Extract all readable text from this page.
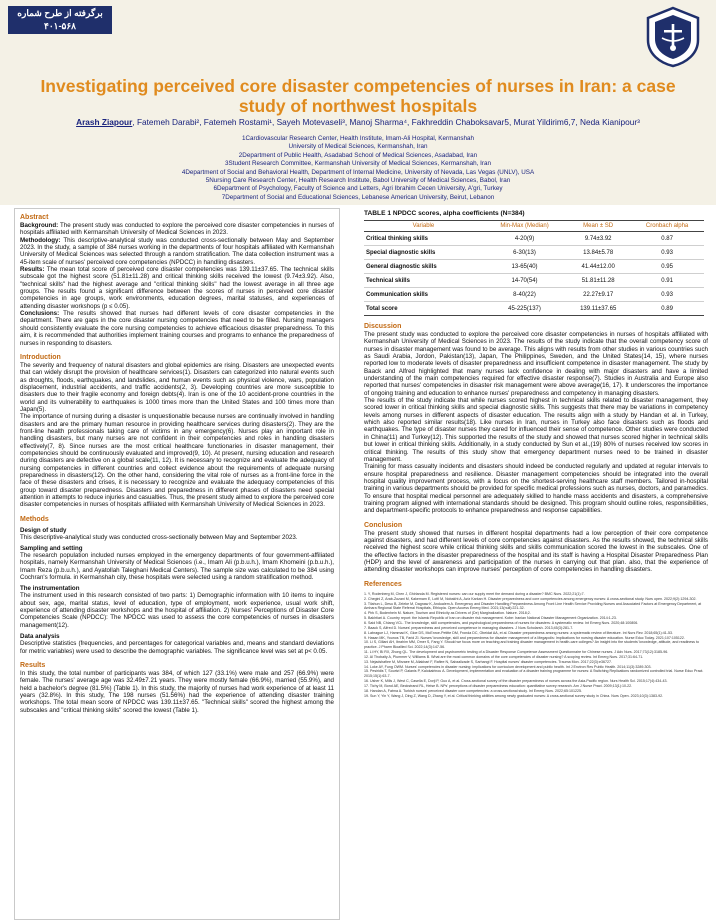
برگرفته از طرح شماره
۴۰۱-۵۶۸
Investigating perceived core disaster competencies of nurses in Iran: a case study of northwest hospitals
Arash Ziapour, Fatemeh Darabi², Fatemeh Rostami¹, Sayeh Motevaseli³, Manoj Sharma⁴, Fakhreddin Chaboksavar5, Murat Yildirim6,7, Neda Kianipour³
1Cardiovascular Research Center, Health Institute, Imam-Ali Hospital, Kermanshah
University of Medical Sciences, Kermanshah, Iran
2Department of Public Health, Asadabad School of Medical Sciences, Asadabad, Iran
3Student Research Committee, Kermanshah University of Medical Sciences, Kermanshah, Iran
4Department of Social and Behavioral Health, Department of Internal Medicine, University of Nevada, Las Vegas (UNLV), USA
5Nursing Care Research Center, Health Research Institute, Babol University of Medical Sciences, Babol, Iran
6Department of Psychology, Faculty of Science and Letters, Agri Ibrahim Cecen University, A'gri, Turkey
7Department of Social and Educational Sciences, Lebanese American University, Beirut, Lebanon
Abstract
Background: The present study was conducted to explore the perceived core disaster competencies in nurses of hospitals affiliated with Kermanshah University of Medical Sciences in 2023.
Methodology: This descriptive-analytical study was conducted cross-sectionally between May and September 2023. In the study, a sample of 384 nurses working in the departments of four hospitals affiliated with Kermanshah University of Medical Sciences was selected through a random stratification. The data collection instrument was a 45-item scale of nurses' perceived core competencies (NPDCC) in handling disasters.
Results: The mean total score of perceived core disaster competencies was 139.11±37.65. The technical skills subscale got the highest score (51.81±11.28) and critical thinking skills received the lowest (9.74±3.92). Also, "technical skills" had the highest average and "critical thinking skills" had the lowest average in all three age groups. The results found a significant difference between the scores of nurses in perceived core disaster competencies in age groups, work environments, education degrees, marital statuses, and experiences of attending disaster workshops (p ≤ 0.05).
Conclusions: The results showed that nurses had different levels of core disaster competencies in the department. There are gaps in the core disaster nursing competencies that need to be filled. Nursing managers should consistently evaluate the core nursing competencies to achieve efficacious disaster preparedness. To this aim, it is recommended that authorities implement training courses and programs to enhance the preparedness of nurses in responding to disasters.
Introduction
The severity and frequency of natural disasters and global epidemics are rising. Disasters are unexpected events that can widely disrupt the provision of healthcare services(1). Disasters can categorized into natural events such as droughts, floods, earthquakes, and landslides, and human events such as physical violence, wars, population displacement, industrial accidents, and traffic accidents(2, 3). Developing countries are more susceptible to disasters due to their fragile economy and foreign debts(4). Iran is one of the 10 accident-prone countries in the world and its vulnerability to earthquakes is 1000 times more than the United States and 100 times more than Japan(5).
The importance of nursing during a disaster is unquestionable because nurses are continually involved in handling disasters and are the primary human resource in providing healthcare services during disasters(2). They are the front-line health professionals taking care of victims in any emergency(6). Nurses play an important role in handling disasters, but many nurses are not confident in their competencies and roles in handling disasters effectively(7, 8). Since nurses are the most critical healthcare functionaries in disaster management, their competencies should be continuously evaluated and improved(9, 10). At present, nursing education and research during disasters are defective on a global scale(11, 12). It is necessary to recognize and evaluate the adequacy of nursing competencies in different countries and collect evidence about the requirements of adequate nursing preparedness in disasters(12). On the other hand, considering the vital role of nurses as a front-line force in the face of these disasters and crises, it is necessary to recognize and evaluate the adequacy competencies of this group toward disaster preparedness. Disasters and preparedness in different phases of disasters need special attention in attempts to reduce injuries and casualties. Thus, the present study aimed to explore the perceived core disaster competencies in nurses of hospitals affiliated with Kermanshah University of Medical Sciences in 2023.
Methods
Design of study
This descriptive-analytical study was conducted cross-sectionally between May and September 2023.
Sampling and setting
The research population included nurses employed in the emergency departments of four government-affiliated hospitals, namely Kermanshah University of Medical Sciences (i.e., Imam Ali (p.b.u.h.), Imam Khomeini (p.b.u.h.), Imam Reza (p.b.u.h.), and Ayatollah Taleghani Medical Centers). The sample size was calculated to be 384 using Cochran's formula. in Kermanshah city, these hospitals were selected using a random stratification method.
The instrumentation
The instrument used in this research consisted of two parts: 1) Demographic information with 10 items to inquire about sex, age, marital status, level of education, type of employment, work experience, usual work shift, experience of attending disaster workshops and the hospital of affiliation. 2) Nurses' Perceptions of Disaster Core Competencies Scale (NPDCC): The NPDCC was used to assess the core competencies of nurses in disasters management(12).
Data analysis
Descriptive statistics (frequencies, and percentages for categorical variables and, means and standard deviations for metric variables) were used to describe the demographic variables. The significance level was set at p< 0.05.
Results
In this study, the total number of participants was 384, of which 127 (33.1%) were male and 257 (66.9%) were female. The nurses' average age was 32.49±7.21 years. They were mostly female (66.9%), married (55.9%), and held a bachelor's degree (81.5%) (Table 1). In this study, the majority of nurses had work experience of at least 11 years (32.8%). In this study, The 198 nurses (51.56%) had the experience of attending disaster training workshops. The total mean score of NPDCC was 139.11±37.65. "Technical skills" scored the highest among the subscales and "critical thinking skills" scored the lowest (Table 1).
TABLE 1 NPDCC scores, alpha coefficients (N=384)
Variable	Min-Max (Median)	Mean ± SD	Cronbach alpha
Critical thinking skills	4-20(9)	9.74±3.92	0.87
Special diagnostic skills	6-30(13)	13.84±5.78	0.93
General diagnostic skills	13-65(40)	41.44±12.00	0.95
Technical skills	14-70(54)	51.81±11.28	0.91
Communication skills	8-40(22)	22.27±9.17	0.93
Total score	45-225(137)	139.11±37.65	0.89
Discussion
The present study was conducted to explore the perceived core disaster competencies in nurses of hospitals affiliated with Kermanshah University of Medical Sciences in 2023. The results of the study indicate that the overall competency score of nurses in disaster management was found to be average. This aligns with results from other studies in various countries such as Saudi Arabia, Jordon, Pakistan(13), Japan, The Philippines, Sweden, and the United States(14, 15), where nurses reported low to moderate levels of disaster preparedness and insufficient competence in disaster management. The study by Baack and Alfred highlighted that many nurses lack confidence in dealing with major disasters and have a limited understanding of the main competencies required for effective disaster response(7). Studies in Australia and Europe also reported that nurses' competencies in disaster risk management were above average(16, 17). It underscores the importance of ongoing training and education to enhance nurses' preparedness and competency in managing disasters.
The results of the study indicate that while nurses scored highest in technical skills related to disaster management, they scored lower in critical thinking skills and special diagnostic skills. This suggests that there may be variations in competency levels among nurses in different aspects of disaster education. The results align with a study by Handan et al. in Turkey, which also reported similar results(18). Like nurses in Iran, nurses in Turkey also face disasters such as floods and earthquakes. The type of disaster nurses they cared for influenced their sense of competence. Other studies were conducted in China(11) and Turkey(12). This supported the results of the study and showed that nurses scored higher in technical skills but lower in critical thinking skills. Additionally, in a study conducted by Sun et al.,(19) 80% of nurses received low scores in critical thinking. The results of this study show that emergency department nurses need to be trained in disaster management.
Training for mass casualty incidents and disasters should indeed be conducted regularly and updated at regular intervals to ensure hospital preparedness and resilience. Disaster management competencies should be integrated into the overall hospital quality improvement process, with a focus on the shortest-serving healthcare staff members. Tailored in-hospital training in various departments should be provided for specific medical professions such as nurses, doctors, and paramedics. To ensure that hospital medical personnel are adequately skilled to handle mass accidents and disasters, a comprehensive training program aligned with international standards should be designed. This program should outline roles, responsibilities, and department-specific protocols to enhance preparedness and response capabilities.
Conclusion
The present study showed that nurses in different hospital departments had a low perception of their core competence against disasters, and had different levels of core competencies against disasters. As the results showed, the technical skills received the highest score while critical thinking skills and skills communication scored the lowest in the subscales. One of the effective factors in the disaster preparedness of the hospital and its staff is having a Hospital Disaster Preparedness Plan (HDP) and the level of awareness and participation of the nurses in carrying out that plan. also, that the experience of attending disaster workshops can improve nurses' perception of core competencies in handling disasters.
References
1. Y, Rodenberg M, Chen J, Ghirlanda M. Registered nurses: can our supply meet the demand during a disaster? BMC Nurs. 2022;21(1):7.
2. Chegini Z, Arab-Zozani M, Kakemam E, Lotfi M, Nobakht A, Aziz Karkan H. Disaster preparedness and core competencies among emergency nurses: A cross-sectional study. Nurs open. 2022;9(2):1294-302.
3. Tilahun L, Desu B, Zeleke M, Dagnaw K, Andualem A. Emergency and Disaster Handling Preparedness Among Front Line Health Service Providing Nurses and Associated Factors at Emergency Department, at Amhara Regional State Referral Hospitals, Ethiopia. Open Access Emerg Med. 2021;13(null):221-32.
4. Pirk S, Bodenhein M. Nature, Tourism and Ethnicity as Drivers of (De) Marginalization. Nature. 2018;2.
5. Bakhtiari A. Country report: the Islamic Republic of Iran on disaster risk management. Kobe: Iranian National Disaster Management Organization. 2014:1-23.
6. Said NB, Chiang VCL. The knowledge, skill competencies, and psychological preparedness of nurses for disasters: A systematic review. Int Emerg Nurs. 2020;48:100806.
7. Baack S, Alfred D. Nurses' preparedness and perceived competence in managing disasters. J Nurs Scholarsh. 2013;45(3):281-7.
8. Labrague LJ, Hammad K, Gloe DS, McEnroe-Petitte DM, Fronda DC, Obeidat AA, et al. Disaster preparedness among nurses: a systematic review of literature. Int Nurs Rev. 2018;65(1):41-53.
9. Hasan MK, Younos TB, Farid ZI. Nurses' knowledge, skill and preparedness for disaster management of a Megapolis: Implications for nursing disaster education. Nurse Educ Today. 2021;107:105122.
10. Li S, Gillani AH, Ibrahim MM, Omer S, Fang Y. Should we focus more on teaching and training disaster management in health-care colleges? An insight into the students' knowledge, attitude, and readiness to practice. J Pharm Bioallied Sci. 2022;14(3):147-56.
11. Li HY, Bi RX, Zhong QL. The development and psychometric testing of a Disaster Response Competence Assessment Questionnaire for Chinese nurses. J Adv Nurs. 2017;73(12):3185-96.
12. Al Thobaity A, Plummer V, Williams B. What are the most common domains of the core competencies of disaster nursing? A scoping review. Int Emerg Nurs. 2017;31:64-71.
13. Nejadshafiee M, Mirzaee M, Aliakbari F, Rafiee N, Sabzalizade S, Sarhangi F. Hospital nurses' disaster competencies. Trauma Mon. 2017;22(3):e36727.
14. Loke AY, Fung OWM. Nurses' competencies in disaster nursing: implications for curriculum development and public health. Int J Environ Res Public Health. 2014;11(3):3289-303.
15. Pesiridis T, Sourtzi P, Galanis P, Kalokairinou A. Development, implementation and evaluation of a disaster training programme for nurses: A Switching Replications randomized controlled trial. Nurse Educ Pract. 2015;15(1):63-7.
16. Usher K, Mills J, West C, Casella E, Dorji P, Guo A, et al. Cross-sectional survey of the disaster preparedness of nurses across the Asia-Pacific region. Nurs Health Sci. 2015;17(4):434-43.
17. Tichy M, Bond AE, Beckstrand RL, Heise B. NPs' perceptions of disaster preparedness education: quantitative survey research. Am J Nurse Pract. 2009;13(1):10-22.
18. Handan A, Fatma A. Turkish nurses' perceived disaster core competencies: a cross-sectional study. Int Emerg Nurs. 2022;65:101225.
19. Sun Y, Yin Y, Wang J, Ding Z, Wang D, Zhang Y, et al. Critical thinking abilities among newly graduated nurses: A cross-sectional survey study in China. Nurs Open. 2023;10(3):1383-92.
